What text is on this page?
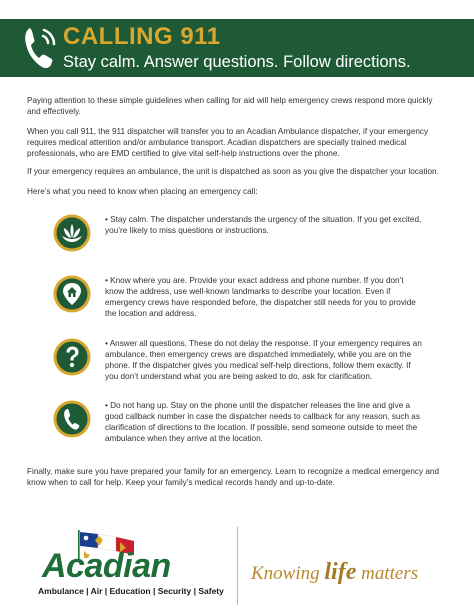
CALLING 911
Stay calm. Answer questions. Follow directions.
Paying attention to these simple guidelines when calling for aid will help emergency crews respond more quickly and effectively.
When you call 911, the 911 dispatcher will transfer you to an Acadian Ambulance dispatcher, if your emergency requires medical attention and/or ambulance transport. Acadian dispatchers are specially trained medical professionals, who are EMD certified to give vital self-help instructions over the phone.
If your emergency requires an ambulance, the unit is dispatched as soon as you give the dispatcher your location.
Here’s what you need to know when placing an emergency call:
• Stay calm. The dispatcher understands the urgency of the situation. If you get excited, you’re likely to miss questions or instructions.
• Know where you are. Provide your exact address and phone number. If you don’t know the address, use well-known landmarks to describe your location. Even if emergency crews have responded before, the dispatcher still needs for you to provide the location and address.
• Answer all questions. These do not delay the response. If your emergency requires an ambulance, then emergency crews are dispatched immediately, while you are on the phone. If the dispatcher gives you medical self-help directions, follow them exactly. If you don’t understand what you are being asked to do, ask for clarification.
• Do not hang up. Stay on the phone until the dispatcher releases the line and give a good callback number in case the dispatcher needs to callback for any reason, such as clarification of directions to the location. If possible, send someone outside to meet the ambulance when they arrive at the location.
Finally, make sure you have prepared your family for an emergency. Learn to recognize a medical emergency and know when to call for help. Keep your family’s medical records handy and up-to-date.
Acadian
Ambulance | Air | Education | Security | Safety
Knowing life matters
